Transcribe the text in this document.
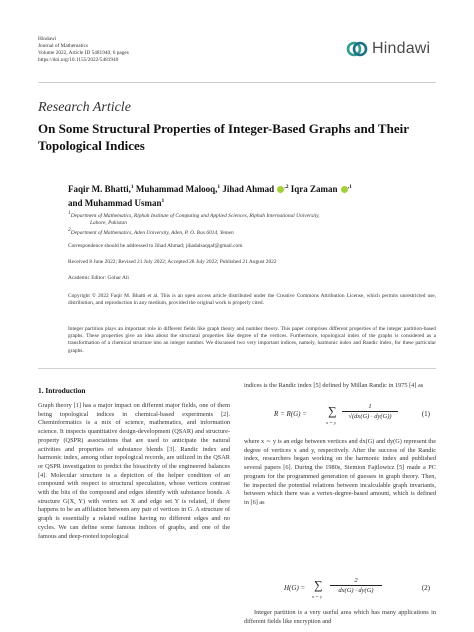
Hindawi
Journal of Mathematics
Volume 2022, Article ID 5481940, 6 pages
https://doi.org/10.1155/2022/5481940
Hindawi
Research Article
On Some Structural Properties of Integer-Based Graphs and Their Topological Indices
Faqir M. Bhatti,$^1$ Muhammad Malooq,$^1$ Jihad Ahmad $^{,2}$ Iqra Zaman $^{,1}$
and Muhammad Usman$^1$
$^1$Department of Mathematics, Riphah Institute of Computing and Applied Sciences, Riphah International University,
Lahore, Pakistan
$^2$Department of Mathematics, Aden University, Aden, P. O. Box 6014, Yemen
Correspondence should be addressed to Jihad Ahmad; jihadalsaqqaf@gmail.com
Received 8 June 2022; Revised 21 July 2022; Accepted 28 July 2022; Published 21 August 2022
Academic Editor: Gohar Ali
Copyright © 2022 Faqir M. Bhatti et al. This is an open access article distributed under the Creative Commons Attribution License, which permits unrestricted use, distribution, and reproduction in any medium, provided the original work is properly cited.
Integer partition plays an important role in different fields like graph theory and number theory. This paper comprises different properties of the integer partition-based graphs. These properties give an idea about the structural properties like degree of the vertices. Furthermore, topological index of the graphs is considered as a transformation of a chemical structure into an integer number. We discussed two very important indices, namely, harmonic index and Randic index, for these particular graphs.
1. Introduction

Graph theory [1] has a major impact on different major fields, one of them being topological indices in chemical-based experiments [2]. Cheminformatics is a mix of science, mathematics, and information science. It inspects quantitative design-development (QSAR) and structure-property (QSPR) associations that are used to anticipate the natural activities and properties of substance blends [3]. Randic index and harmonic index, among other topological records, are utilized in the QSAR or QSPR investigation to predict the bioactivity of the engineered balances [4]. Molecular structure is a depiction of the helper condition of an compound with respect to structural speculation, whose vertices contrast with the bits of the compound and edges identify with substance bonds. A structure G(X, Y) with vertex set X and edge set Y is related, if there happens to be an affiliation between any pair of vertices in G. A structure of graph is essentially a related outline having no different edges and no cycles. We can define some famous indices of graphs, and one of the famous and deep-rooted topological

indices is the Randic index [5] defined by Millan Randic in 1975 [4] as

R = R(G) = ∑
x ∼ y
$\frac{1}{√(dx(G) \cdot dy(G))}$	(1)

where x ∼ y is an edge between vertices and dx(G) and dy(G) represent the degree of vertices x and y, respectively. After the success of the Randic index, researchers began working on the harmonic index and published several papers [6]. During the 1980s, Siemion Fajtlowicz [5] made a PC program for the programmed generation of guesses in graph theory. Then, he inspected the potential relations between incalculable graph invariants, between which there was a vertex-degree-based amount, which is defined in [6] as

H(G) = ∑
x ∼ y
$\frac{2}{dx(G) \cdot dy(G)}$	(2)

Integer partition is a very useful area which has many applications in different fields like encryption and
